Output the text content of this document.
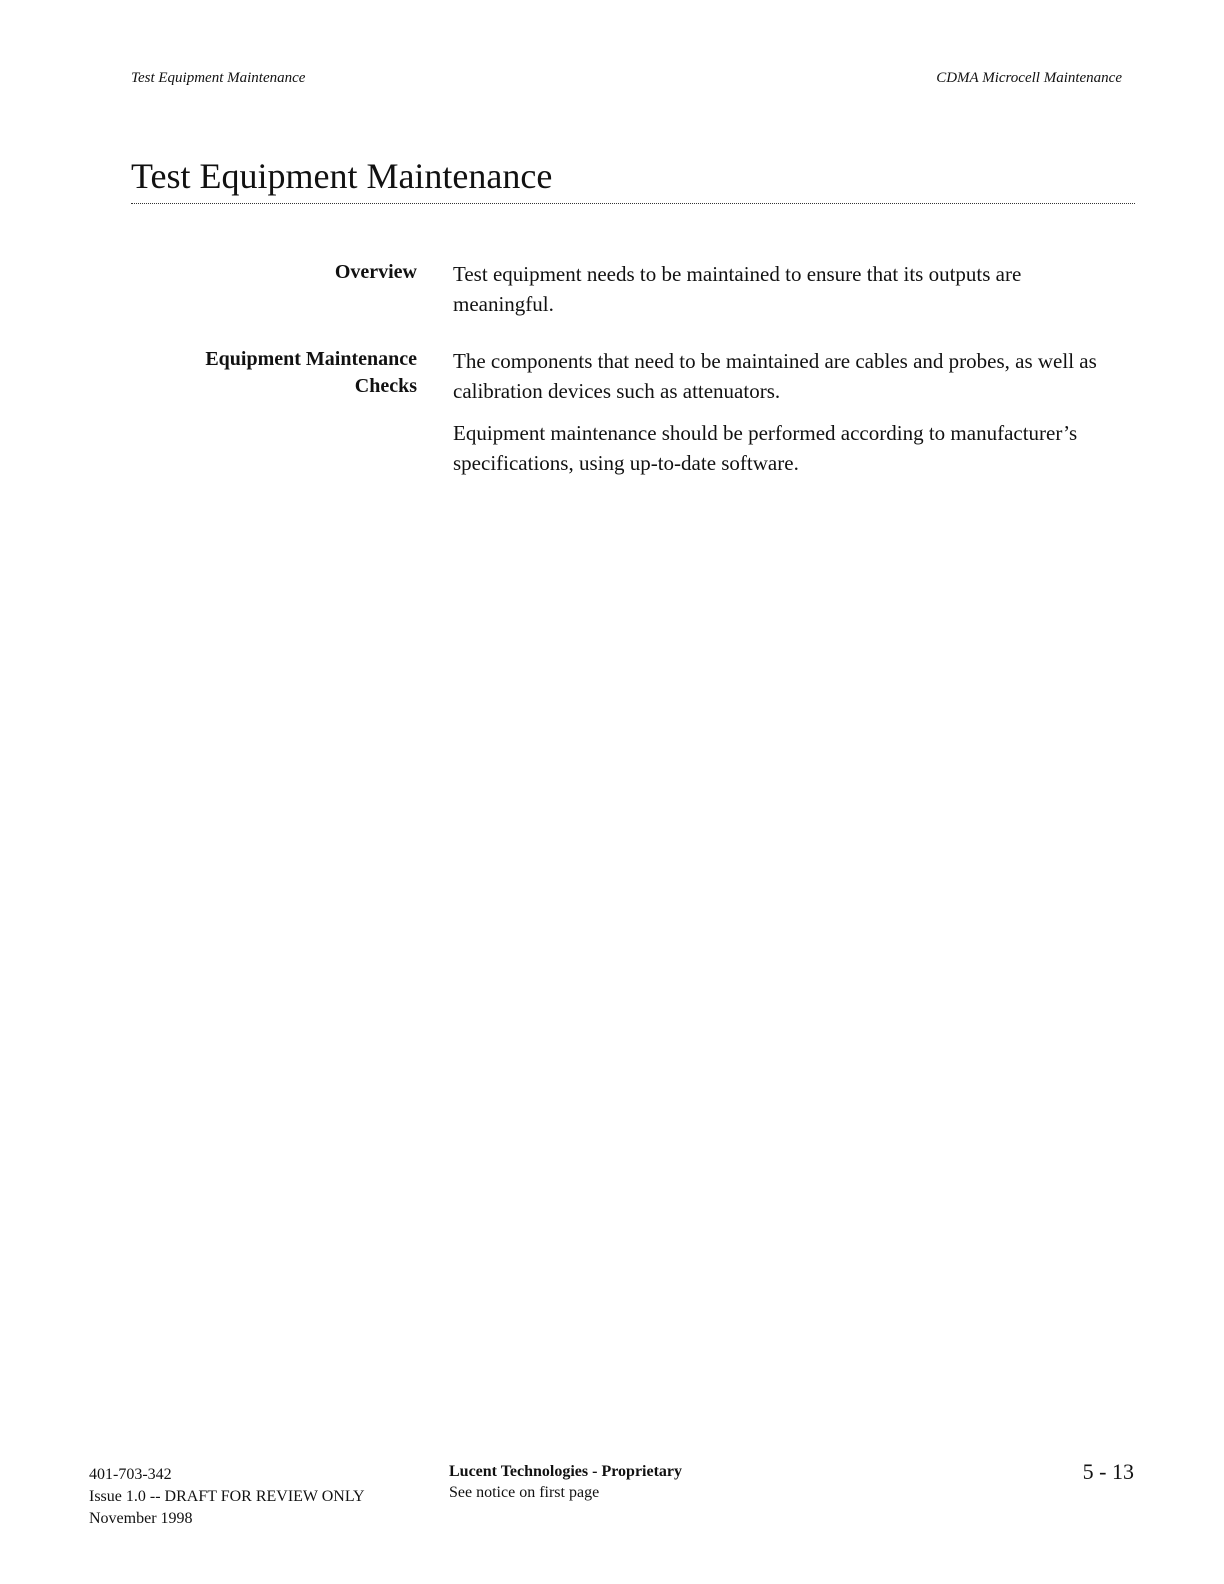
Test Equipment Maintenance	CDMA Microcell Maintenance
Test Equipment Maintenance
Overview Test equipment needs to be maintained to ensure that its outputs are meaningful.

Equipment Maintenance
Checks

The components that need to be maintained are cables and probes, as well as calibration devices such as attenuators.

Equipment maintenance should be performed according to manufacturer’s specifications, using up-to-date software.

401-703-342
Issue 1.0 -- DRAFT FOR REVIEW ONLY
November 1998
Lucent Technologies - Proprietary
See notice on first page
5 - 13
